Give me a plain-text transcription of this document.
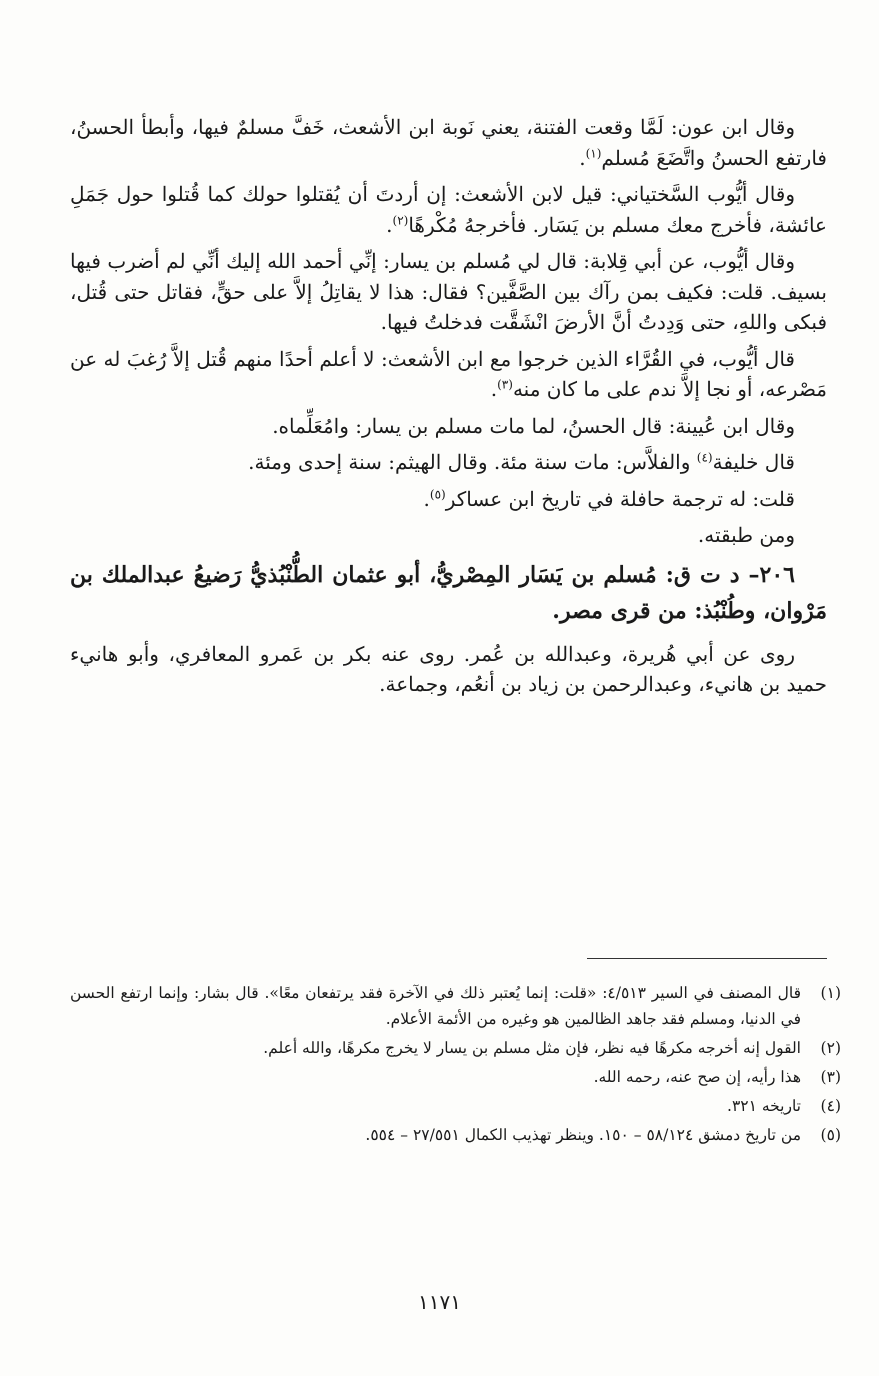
وقال ابن عون: لَمَّا وقعت الفتنة، يعني نَوبة ابن الأشعث، خَفَّ مسلمٌ فيها، وأبطأ الحسنُ، فارتفع الحسنُ واتَّضَعَ مُسلم$^{(١)}$.

وقال أيُّوب السَّختياني: قيل لابن الأشعث: إن أردتَ أن يُقتلوا حولك كما قُتلوا حول جَمَلِ عائشة، فأخرج معك مسلم بن يَسَار. فأخرجهُ مُكْرهًا$^{(٢)}$.

وقال أيُّوب، عن أبي قِلابة: قال لي مُسلم بن يسار: إنِّي أحمد الله إليك أنِّي لم أضرب فيها بسيف. قلت: فكيف بمن رآك بين الصَّفَّين؟ فقال: هذا لا يقاتِلُ إلاَّ على حقٍّ، فقاتل حتى قُتل، فبكى واللهِ، حتى وَدِدتُ أنَّ الأرضَ انْشَقَّت فدخلتُ فيها.

قال أيُّوب، في القُرَّاء الذين خرجوا مع ابن الأشعث: لا أعلم أحدًا منهم قُتل إلاَّ رُغبَ له عن مَصْرعه، أو نجا إلاَّ ندم على ما كان منه$^{(٣)}$.

وقال ابن عُيينة: قال الحسنُ، لما مات مسلم بن يسار: وامُعَلِّماه.

قال خليفة$^{(٤)}$ والفلاَّس: مات سنة مئة. وقال الهيثم: سنة إحدى ومئة.

قلت: له ترجمة حافلة في تاريخ ابن عساكر$^{(٥)}$.

ومن طبقته.

٢٠٦– د ت ق: مُسلم بن يَسَار المِصْريُّ، أبو عثمان الطُّنْبُذيُّ رَضيعُ عبدالملك بن مَرْوان، وطُنْبُذ: من قرى مصر.

روى عن أبي هُريرة، وعبدالله بن عُمر. روى عنه بكر بن عَمرو المعافري، وأبو هانيء حميد بن هانيء، وعبدالرحمن بن زياد بن أنعُم، وجماعة.

(١)
قال المصنف في السير ٤/٥١٣: «قلت: إنما يُعتبر ذلك في الآخرة فقد يرتفعان معًا». قال بشار: وإنما ارتفع الحسن في الدنيا، ومسلم فقد جاهد الظالمين هو وغيره من الأئمة الأعلام.
(٢)
القول إنه أخرجه مكرهًا فيه نظر، فإن مثل مسلم بن يسار لا يخرج مكرهًا، والله أعلم.
(٣)
هذا رأيه، إن صح عنه، رحمه الله.
(٤)
تاريخه ٣٢١.
(٥)
من تاريخ دمشق ٥٨/١٢٤ – ١٥٠. وينظر تهذيب الكمال ٢٧/٥٥١ – ٥٥٤.
١١٧١
